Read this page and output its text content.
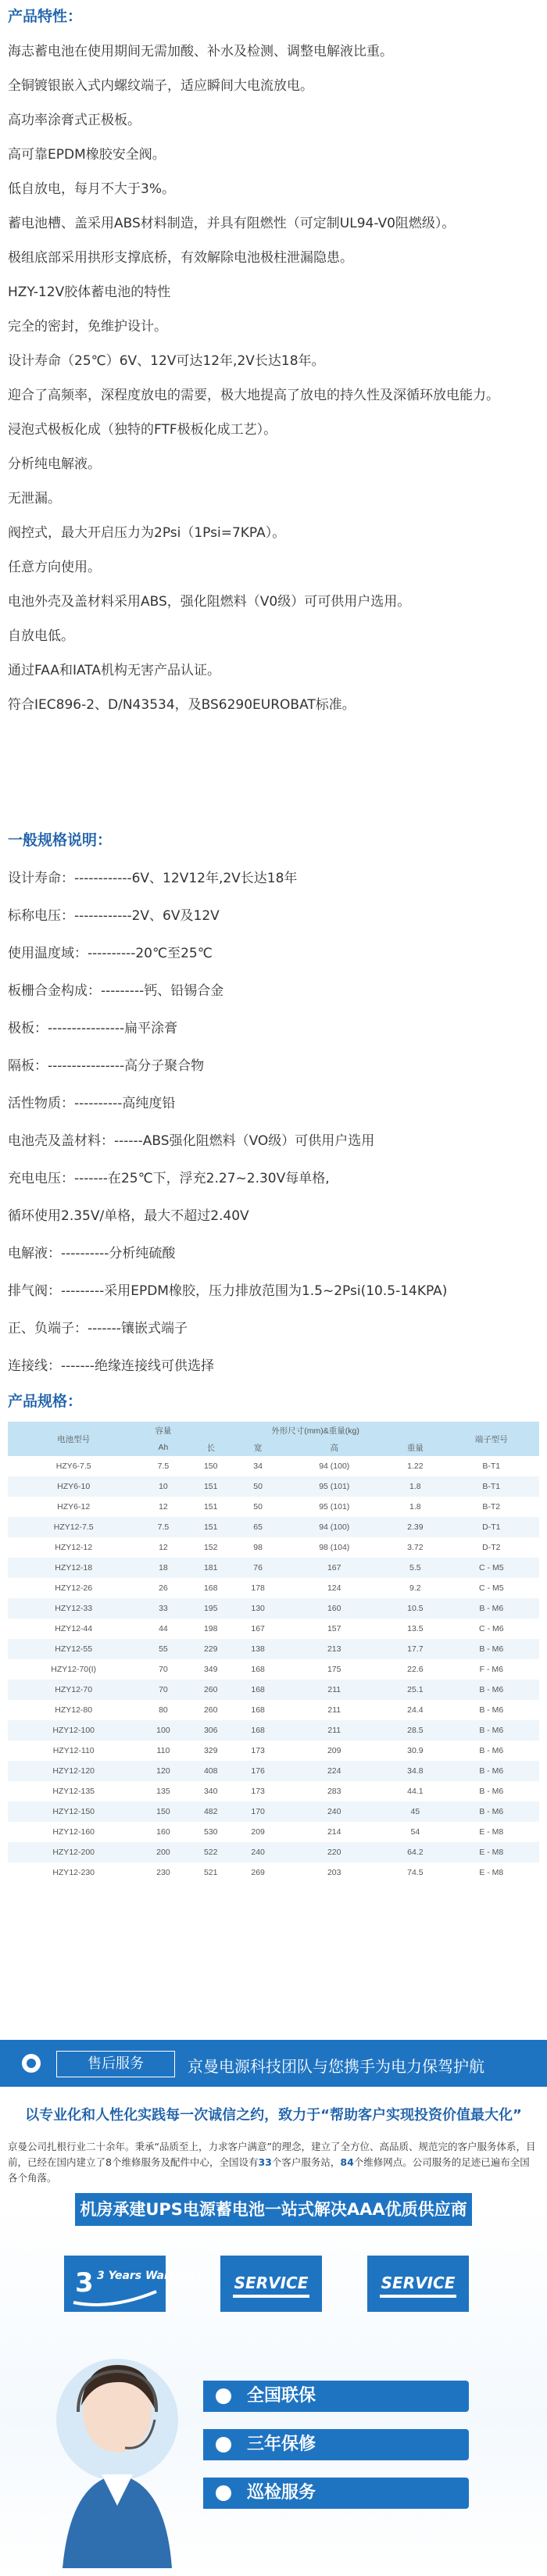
产品特性：

海志蓄电池在使用期间无需加酸、补水及检测、调整电解液比重。

全铜镀银嵌入式内螺纹端子，适应瞬间大电流放电。

高功率涂膏式正极板。

高可靠EPDM橡胶安全阀。

低自放电，每月不大于3%。

蓄电池槽、盖采用ABS材料制造，并具有阻燃性（可定制UL94-V0阻燃级）。

极组底部采用拱形支撑底桥，有效解除电池极柱泄漏隐患。

HZY-12V胶体蓄电池的特性

完全的密封，免维护设计。

设计寿命（25℃）6V、12V可达12年,2V长达18年。

迎合了高频率，深程度放电的需要，极大地提高了放电的持久性及深循环放电能力。

浸泡式极板化成（独特的FTF极板化成工艺）。

分析纯电解液。

无泄漏。

阀控式，最大开启压力为2Psi（1Psi=7KPA）。

任意方向使用。

电池外壳及盖材料采用ABS，强化阻燃料（V0级）可可供用户选用。

自放电低。

通过FAA和IATA机构无害产品认证。

符合IEC896-2、D/N43534，及BS6290EUROBAT标准。

一般规格说明：

设计寿命：------------6V、12V12年,2V长达18年

标称电压：------------2V、6V及12V

使用温度域：----------20℃至25℃

板栅合金构成：---------钙、铅锡合金

极板：----------------扁平涂膏

隔板：----------------高分子聚合物

活性物质：----------高纯度铅

电池壳及盖材料：------ABS强化阻燃料（VO级）可供用户选用

充电电压：-------在25℃下，浮充2.27~2.30V每单格,

循环使用2.35V/单格，最大不超过2.40V

电解液：----------分析纯硫酸

排气阀：---------采用EPDM橡胶，压力排放范围为1.5~2Psi(10.5-14KPA)

正、负端子：-------镶嵌式端子

连接线：-------绝缘连接线可供选择

产品规格：
电池型号	容量	外形尺寸(mm)&重量(kg)				端子型号
	Ah	长	宽	高	重量	
HZY6-7.5	7.5	150	34	94 (100)	1.22	B-T1
HZY6-10	10	151	50	95 (101)	1.8	B-T1
HZY6-12	12	151	50	95 (101)	1.8	B-T2
HZY12-7.5	7.5	151	65	94 (100)	2.39	D-T1
HZY12-12	12	152	98	98 (104)	3.72	D-T2
HZY12-18	18	181	76	167	5.5	C - M5
HZY12-26	26	168	178	124	9.2	C - M5
HZY12-33	33	195	130	160	10.5	B - M6
HZY12-44	44	198	167	157	13.5	C - M6
HZY12-55	55	229	138	213	17.7	B - M6
HZY12-70(I)	70	349	168	175	22.6	F - M6
HZY12-70	70	260	168	211	25.1	B - M6
HZY12-80	80	260	168	211	24.4	B - M6
HZY12-100	100	306	168	211	28.5	B - M6
HZY12-110	110	329	173	209	30.9	B - M6
HZY12-120	120	408	176	224	34.8	B - M6
HZY12-135	135	340	173	283	44.1	B - M6
HZY12-150	150	482	170	240	45	B - M6
HZY12-160	160	530	209	214	54	E - M8
HZY12-200	200	522	240	220	64.2	E - M8
HZY12-230	230	521	269	203	74.5	E - M8
售后服务	京曼电源科技团队与您携手为电力保驾护航
以专业化和人性化实践每一次诚信之约，致力于“帮助客户实现投资价值最大化”

京曼公司扎根行业二十余年。秉承“品质至上，力求客户满意”的理念，建立了全方位、高品质、规范完的客户服务体系，目前，已经在国内建立了8个维修服务及配件中心，全国设有33个客户服务站，84个维修网点。公司服务的足迹已遍布全国各个角落。

机房承建UPS电源蓄电池一站式解决AAA优质供应商
3 3 Years Warranty SERVICE	SERVICE
全国联保
三年保修
巡检服务
